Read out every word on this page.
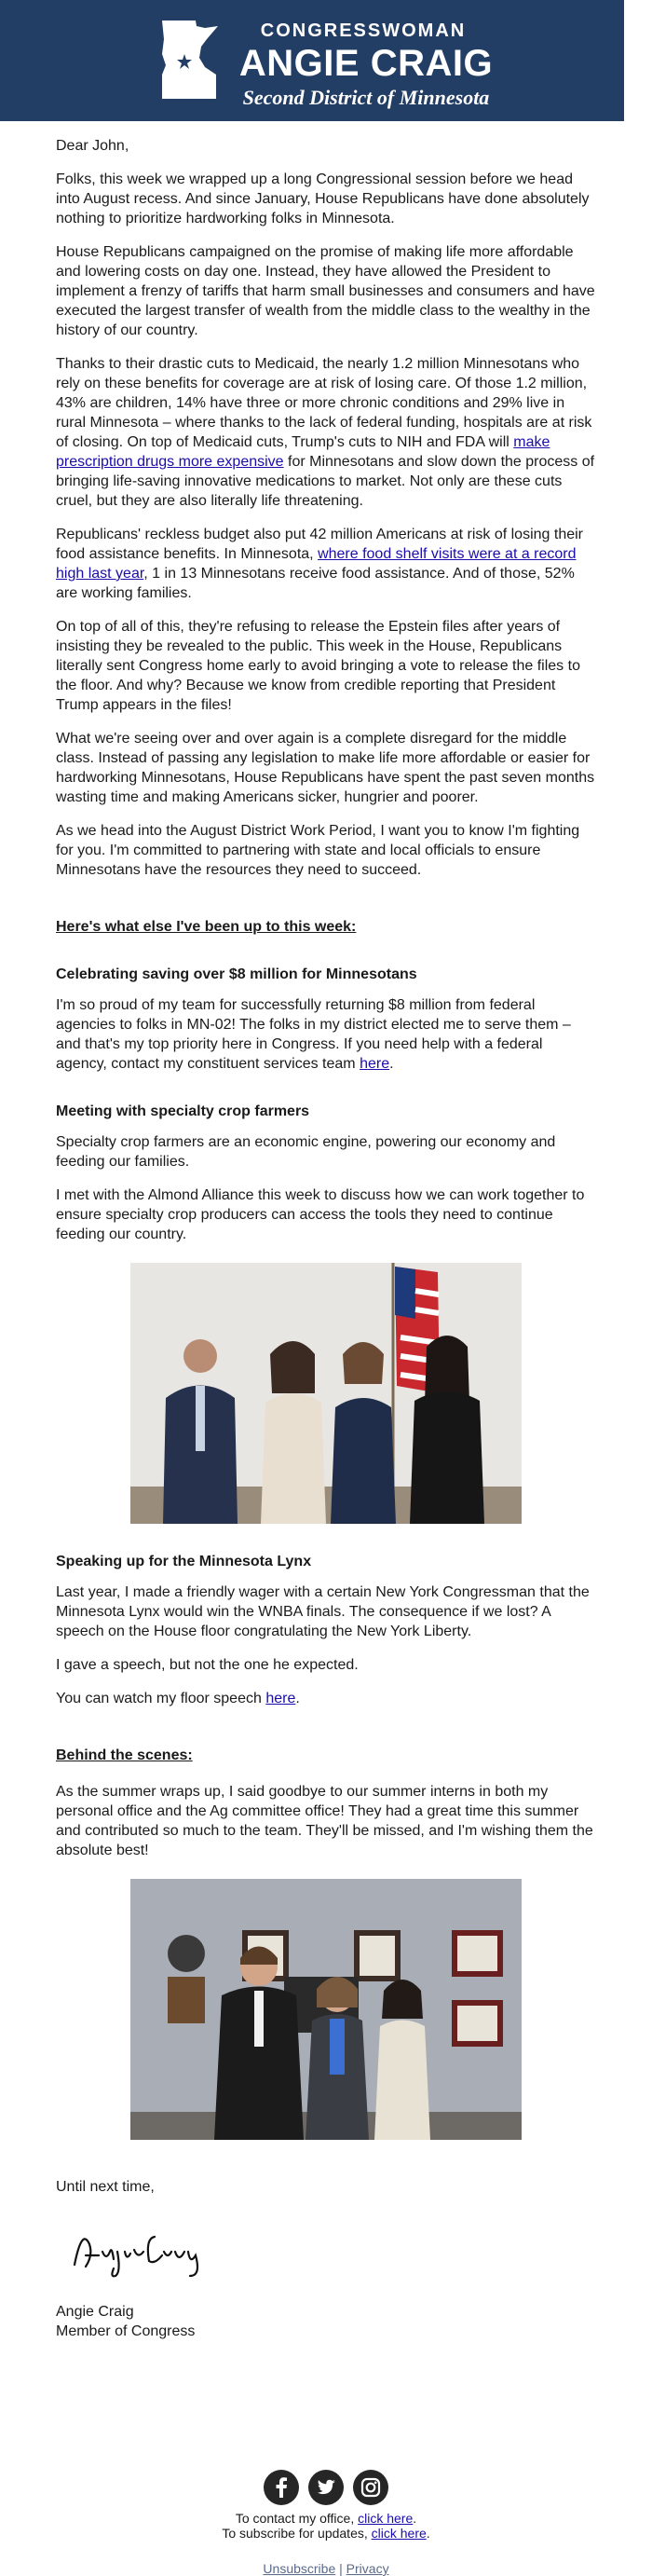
CONGRESSWOMAN
ANGIE CRAIG
Second District of Minnesota

Dear John,

Folks, this week we wrapped up a long Congressional session before we head into August recess. And since January, House Republicans have done absolutely nothing to prioritize hardworking folks in Minnesota.

House Republicans campaigned on the promise of making life more affordable and lowering costs on day one. Instead, they have allowed the President to implement a frenzy of tariffs that harm small businesses and consumers and have executed the largest transfer of wealth from the middle class to the wealthy in the history of our country.

Thanks to their drastic cuts to Medicaid, the nearly 1.2 million Minnesotans who rely on these benefits for coverage are at risk of losing care. Of those 1.2 million, 43% are children, 14% have three or more chronic conditions and 29% live in rural Minnesota – where thanks to the lack of federal funding, hospitals are at risk of closing. On top of Medicaid cuts, Trump's cuts to NIH and FDA will make prescription drugs more expensive for Minnesotans and slow down the process of bringing life-saving innovative medications to market. Not only are these cuts cruel, but they are also literally life threatening.

Republicans' reckless budget also put 42 million Americans at risk of losing their food assistance benefits. In Minnesota, where food shelf visits were at a record high last year, 1 in 13 Minnesotans receive food assistance. And of those, 52% are working families.

On top of all of this, they're refusing to release the Epstein files after years of insisting they be revealed to the public. This week in the House, Republicans literally sent Congress home early to avoid bringing a vote to release the files to the floor. And why? Because we know from credible reporting that President Trump appears in the files!

What we're seeing over and over again is a complete disregard for the middle class. Instead of passing any legislation to make life more affordable or easier for hardworking Minnesotans, House Republicans have spent the past seven months wasting time and making Americans sicker, hungrier and poorer.

As we head into the August District Work Period, I want you to know I'm fighting for you. I'm committed to partnering with state and local officials to ensure Minnesotans have the resources they need to succeed.

Here's what else I've been up to this week:
Celebrating saving over $8 million for Minnesotans

I'm so proud of my team for successfully returning $8 million from federal agencies to folks in MN-02! The folks in my district elected me to serve them – and that's my top priority here in Congress. If you need help with a federal agency, contact my constituent services team here.

Meeting with specialty crop farmers

Specialty crop farmers are an economic engine, powering our economy and feeding our families.

I met with the Almond Alliance this week to discuss how we can work together to ensure specialty crop producers can access the tools they need to continue feeding our country.

Speaking up for the Minnesota Lynx

Last year, I made a friendly wager with a certain New York Congressman that the Minnesota Lynx would win the WNBA finals. The consequence if we lost? A speech on the House floor congratulating the New York Liberty.

I gave a speech, but not the one he expected.

You can watch my floor speech here.

Behind the scenes:

As the summer wraps up, I said goodbye to our summer interns in both my personal office and the Ag committee office! They had a great time this summer and contributed so much to the team. They'll be missed, and I'm wishing them the absolute best!

Until next time,

Angie Craig

Member of Congress

To contact my office, click here.

To subscribe for updates, click here.

Unsubscribe | Privacy
